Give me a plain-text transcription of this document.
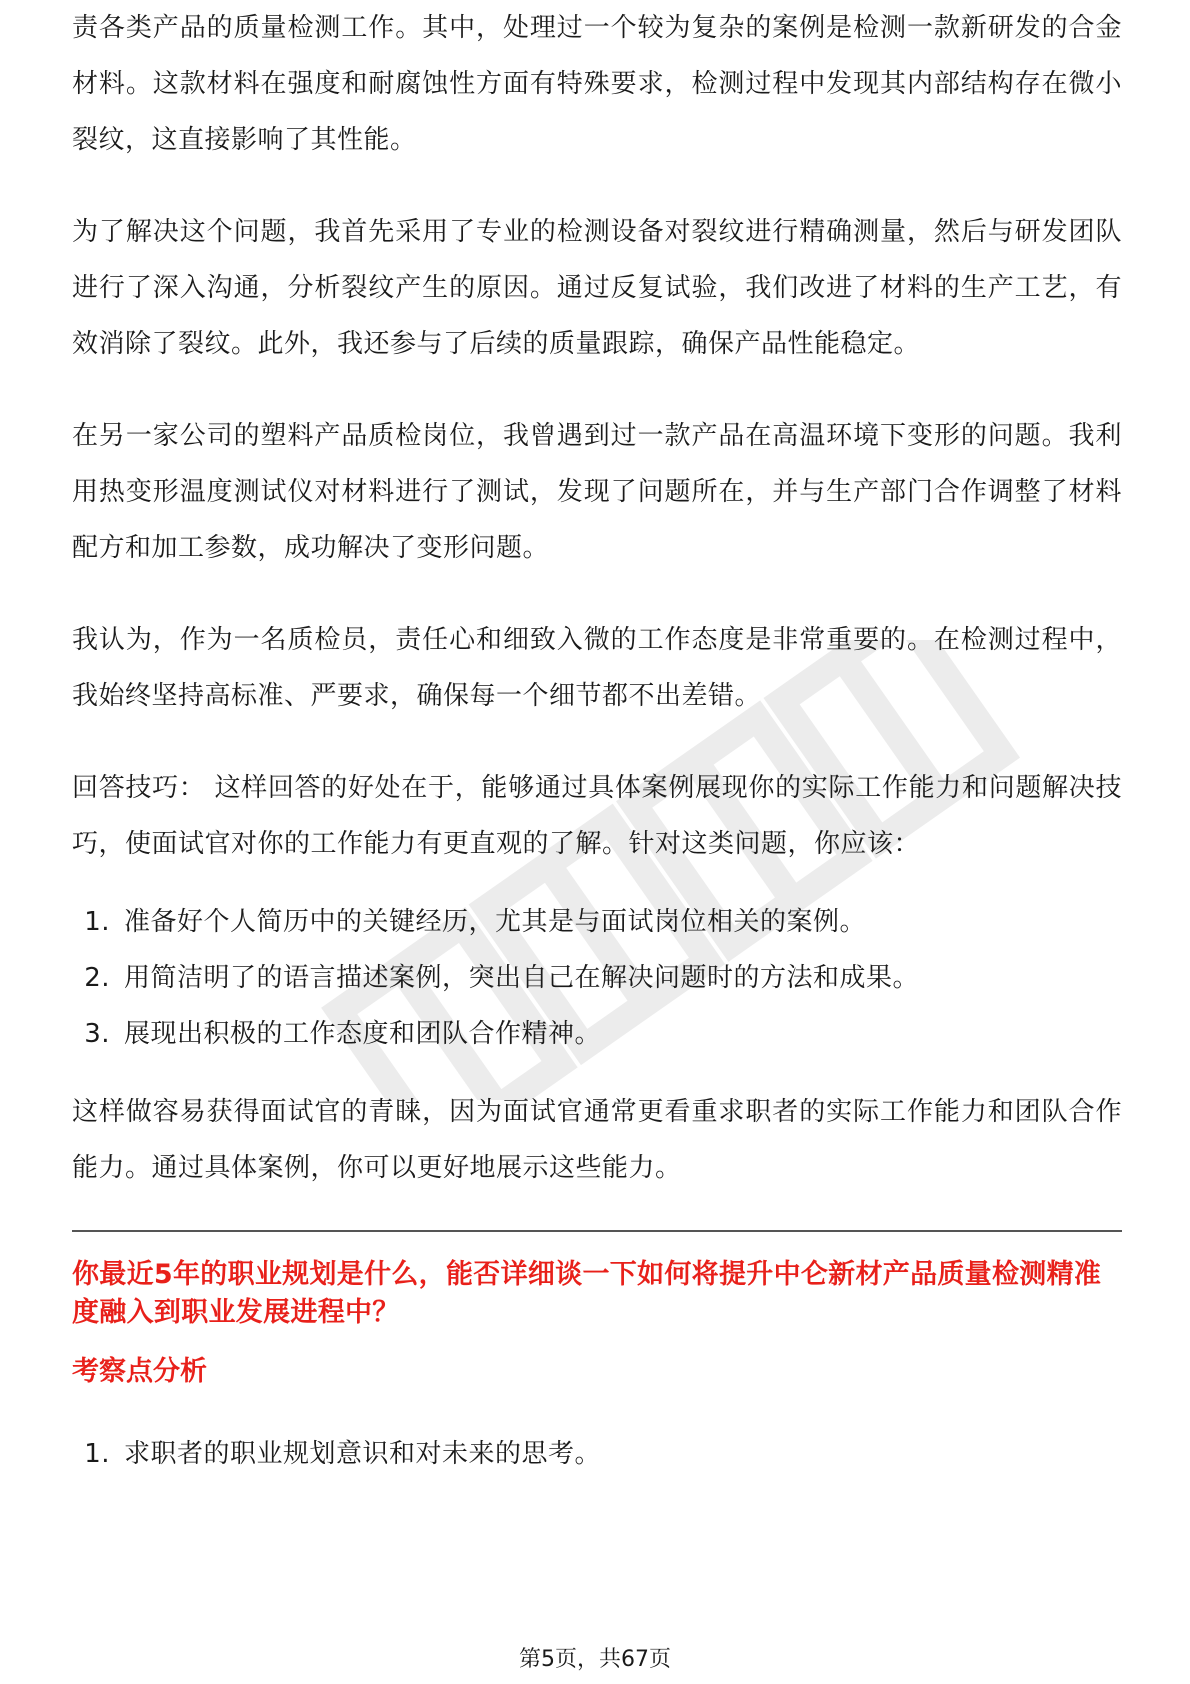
责各类产品的质量检测工作。其中，处理过一个较为复杂的案例是检测一款新研发的合金材料。这款材料在强度和耐腐蚀性方面有特殊要求，检测过程中发现其内部结构存在微小裂纹，这直接影响了其性能。

为了解决这个问题，我首先采用了专业的检测设备对裂纹进行精确测量，然后与研发团队进行了深入沟通，分析裂纹产生的原因。通过反复试验，我们改进了材料的生产工艺，有效消除了裂纹。此外，我还参与了后续的质量跟踪，确保产品性能稳定。

在另一家公司的塑料产品质检岗位，我曾遇到过一款产品在高温环境下变形的问题。我利用热变形温度测试仪对材料进行了测试，发现了问题所在，并与生产部门合作调整了材料配方和加工参数，成功解决了变形问题。

我认为，作为一名质检员，责任心和细致入微的工作态度是非常重要的。在检测过程中，我始终坚持高标准、严要求，确保每一个细节都不出差错。

回答技巧： 这样回答的好处在于，能够通过具体案例展现你的实际工作能力和问题解决技巧，使面试官对你的工作能力有更直观的了解。针对这类问题，你应该：

1. 准备好个人简历中的关键经历，尤其是与面试岗位相关的案例。
2. 用简洁明了的语言描述案例，突出自己在解决问题时的方法和成果。
3. 展现出积极的工作态度和团队合作精神。

这样做容易获得面试官的青睐，因为面试官通常更看重求职者的实际工作能力和团队合作能力。通过具体案例，你可以更好地展示这些能力。

你最近5年的职业规划是什么，能否详细谈一下如何将提升中仑新材产品质量检测精准度融入到职业发展进程中？

考察点分析

1. 求职者的职业规划意识和对未来的思考。
第5页，共67页
